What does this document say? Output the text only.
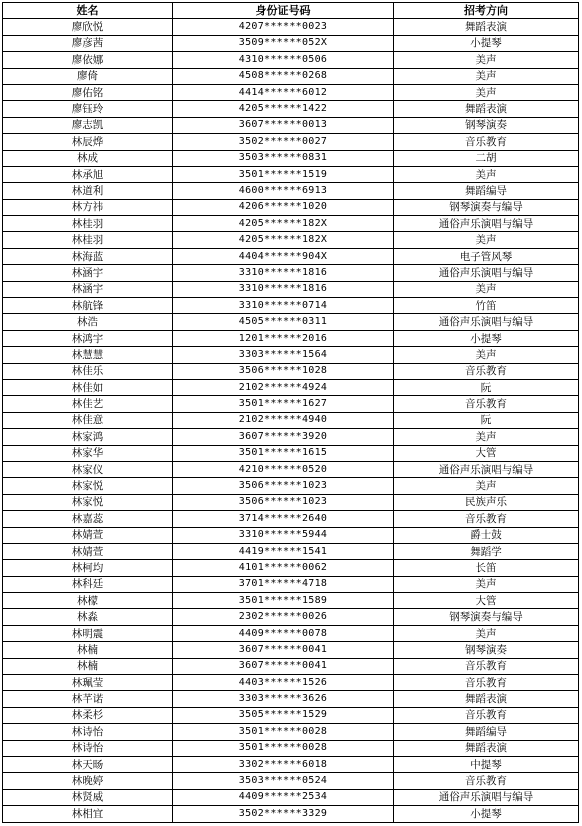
姓名	身份证号码	招考方向
廖欣悦	4207******0023	舞蹈表演
廖彦茜	3509******052X	小提琴
廖依娜	4310******0506	美声
廖倚	4508******0268	美声
廖佑铭	4414******6012	美声
廖钰玲	4205******1422	舞蹈表演
廖志凯	3607******0013	钢琴演奏
林辰烨	3502******0027	音乐教育
林成	3503******0831	二胡
林承旭	3501******1519	美声
林道利	4600******6913	舞蹈编导
林方祎	4206******1020	钢琴演奏与编导
林桂羽	4205******182X	通俗声乐演唱与编导
林桂羽	4205******182X	美声
林海蓝	4404******904X	电子管风琴
林涵宇	3310******1816	通俗声乐演唱与编导
林涵宇	3310******1816	美声
林航锋	3310******0714	竹笛
林浩	4505******0311	通俗声乐演唱与编导
林鸿宇	1201******2016	小提琴
林慧慧	3303******1564	美声
林佳乐	3506******1028	音乐教育
林佳如	2102******4924	阮
林佳艺	3501******1627	音乐教育
林佳意	2102******4940	阮
林家鸿	3607******3920	美声
林家华	3501******1615	大管
林家仪	4210******0520	通俗声乐演唱与编导
林家悦	3506******1023	美声
林家悦	3506******1023	民族声乐
林嘉蕊	3714******2640	音乐教育
林婧萱	3310******5944	爵士鼓
林婧萱	4419******1541	舞蹈学
林柯均	4101******0062	长笛
林科廷	3701******4718	美声
林檬	3501******1589	大管
林淼	2302******0026	钢琴演奏与编导
林明震	4409******0078	美声
林楠	3607******0041	钢琴演奏
林楠	3607******0041	音乐教育
林珮莹	4403******1526	音乐教育
林芊诺	3303******3626	舞蹈表演
林柔杉	3505******1529	音乐教育
林诗怡	3501******0028	舞蹈编导
林诗怡	3501******0028	舞蹈表演
林天旸	3302******6018	中提琴
林晚婷	3503******0524	音乐教育
林贤威	4409******2534	通俗声乐演唱与编导
林相宜	3502******3329	小提琴
